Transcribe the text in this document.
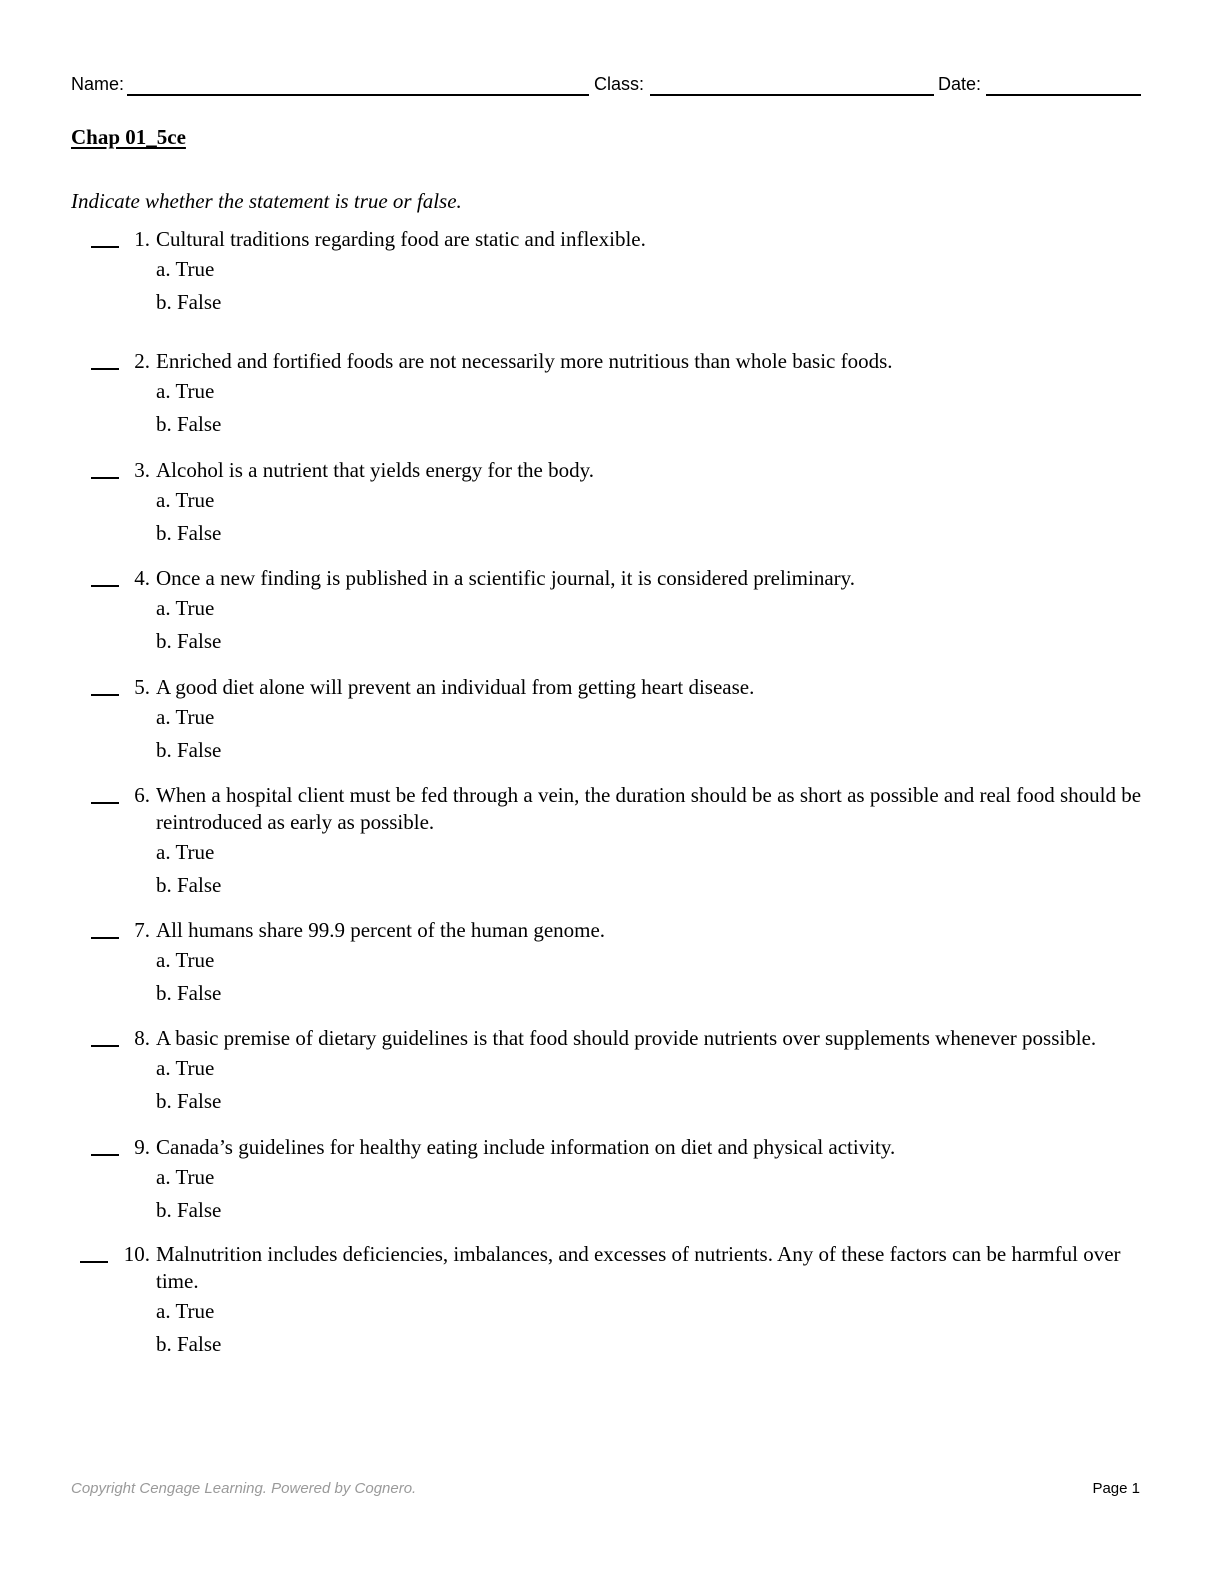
Name:	Class:	Date:
Chap 01_5ce
Indicate whether the statement is true or false.
1. Cultural traditions regarding food are static and inflexible.
a. True
b. False
2. Enriched and fortified foods are not necessarily more nutritious than whole basic foods.
a. True
b. False
3. Alcohol is a nutrient that yields energy for the body.
a. True
b. False
4. Once a new finding is published in a scientific journal, it is considered preliminary.
a. True
b. False
5. A good diet alone will prevent an individual from getting heart disease.
a. True
b. False
6. When a hospital client must be fed through a vein, the duration should be as short as possible and real food should be reintroduced as early as possible.
a. True
b. False
7. All humans share 99.9 percent of the human genome.
a. True
b. False
8. A basic premise of dietary guidelines is that food should provide nutrients over supplements whenever possible.
a. True
b. False
9. Canada’s guidelines for healthy eating include information on diet and physical activity.
a. True
b. False
10. Malnutrition includes deficiencies, imbalances, and excesses of nutrients. Any of these factors can be harmful over time.
a. True
b. False
Copyright Cengage Learning. Powered by Cognero.	Page 1
